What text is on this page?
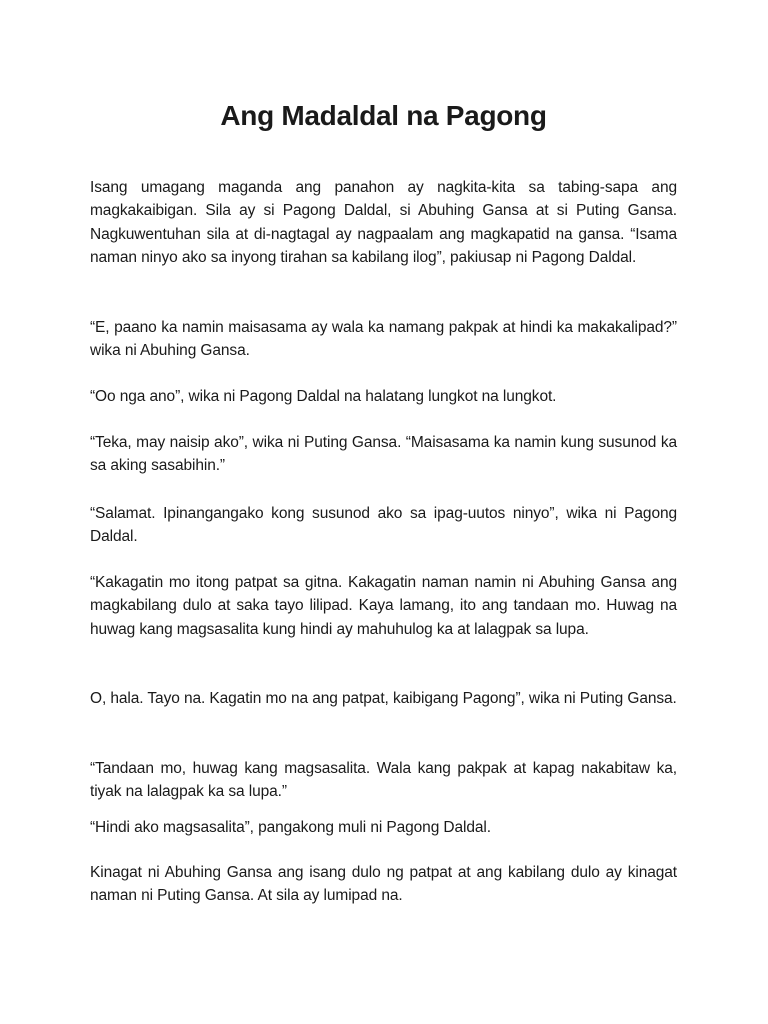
Ang Madaldal na Pagong

Isang umagang maganda ang panahon ay nagkita-kita sa tabing-sapa ang magkakaibigan. Sila ay si Pagong Daldal, si Abuhing Gansa at si Puting Gansa. Nagkuwentuhan sila at di-nagtagal ay nagpaalam ang magkapatid na gansa. “Isama naman ninyo ako sa inyong tirahan sa kabilang ilog”, pakiusap ni Pagong Daldal.

“E, paano ka namin maisasama ay wala ka namang pakpak at hindi ka makakalipad?” wika ni Abuhing Gansa.

“Oo nga ano”, wika ni Pagong Daldal na halatang lungkot na lungkot.

“Teka, may naisip ako”, wika ni Puting Gansa. “Maisasama ka namin kung susunod ka sa aking sasabihin.”

“Salamat. Ipinangangako kong susunod ako sa ipag-uutos ninyo”, wika ni Pagong Daldal.

“Kakagatin mo itong patpat sa gitna. Kakagatin naman namin ni Abuhing Gansa ang magkabilang dulo at saka tayo lilipad. Kaya lamang, ito ang tandaan mo. Huwag na huwag kang magsasalita kung hindi ay mahuhulog ka at lalagpak sa lupa.

O, hala. Tayo na. Kagatin mo na ang patpat, kaibigang Pagong”, wika ni Puting Gansa.

“Tandaan mo, huwag kang magsasalita. Wala kang pakpak at kapag nakabitaw ka, tiyak na lalagpak ka sa lupa.”

“Hindi ako magsasalita”, pangakong muli ni Pagong Daldal.

Kinagat ni Abuhing Gansa ang isang dulo ng patpat at ang kabilang dulo ay kinagat naman ni Puting Gansa. At sila ay lumipad na.
